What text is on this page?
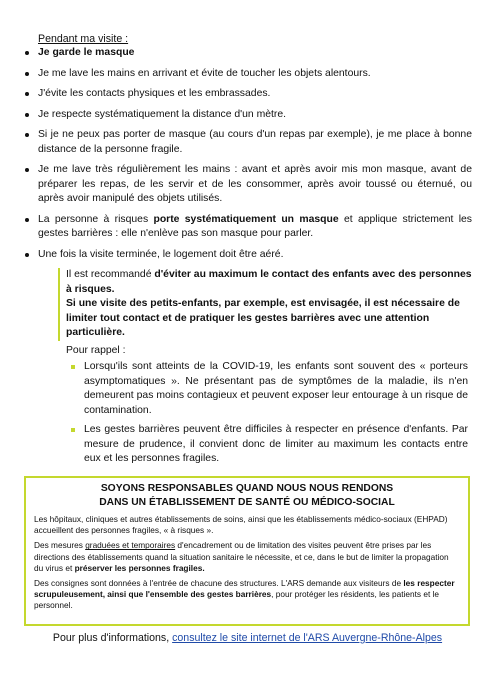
Pendant ma visite :
Je garde le masque
Je me lave les mains en arrivant et évite de toucher les objets alentours.
J'évite les contacts physiques et les embrassades.
Je respecte systématiquement la distance d'un mètre.
Si je ne peux pas porter de masque (au cours d'un repas par exemple), je me place à bonne distance de la personne fragile.
Je me lave très régulièrement les mains : avant et après avoir mis mon masque, avant de préparer les repas, de les servir et de les consommer, après avoir toussé ou éternué, ou après avoir manipulé des objets utilisés.
La personne à risques porte systématiquement un masque et applique strictement les gestes barrières : elle n'enlève pas son masque pour parler.
Une fois la visite terminée, le logement doit être aéré.

Il est recommandé d'éviter au maximum le contact des enfants avec des personnes à risques.

Si une visite des petits-enfants, par exemple, est envisagée, il est nécessaire de limiter tout contact et de pratiquer les gestes barrières avec une attention particulière.

Pour rappel :
Lorsqu'ils sont atteints de la COVID-19, les enfants sont souvent des « porteurs asymptomatiques ». Ne présentant pas de symptômes de la maladie, ils n'en demeurent pas moins contagieux et peuvent exposer leur entourage à un risque de contamination.
Les gestes barrières peuvent être difficiles à respecter en présence d'enfants. Par mesure de prudence, il convient donc de limiter au maximum les contacts entre eux et les personnes fragiles.
SOYONS RESPONSABLES QUAND NOUS NOUS RENDONS
DANS UN ÉTABLISSEMENT DE SANTÉ OU MÉDICO-SOCIAL

Les hôpitaux, cliniques et autres établissements de soins, ainsi que les établissements médico-sociaux (EHPAD) accueillent des personnes fragiles, « à risques ».

Des mesures graduées et temporaires d'encadrement ou de limitation des visites peuvent être prises par les directions des établissements quand la situation sanitaire le nécessite, et ce, dans le but de limiter la propagation du virus et préserver les personnes fragiles.

Des consignes sont données à l'entrée de chacune des structures. L'ARS demande aux visiteurs de les respecter scrupuleusement, ainsi que l'ensemble des gestes barrières, pour protéger les résidents, les patients et le personnel.

Pour plus d'informations, consultez le site internet de l'ARS Auvergne-Rhône-Alpes
